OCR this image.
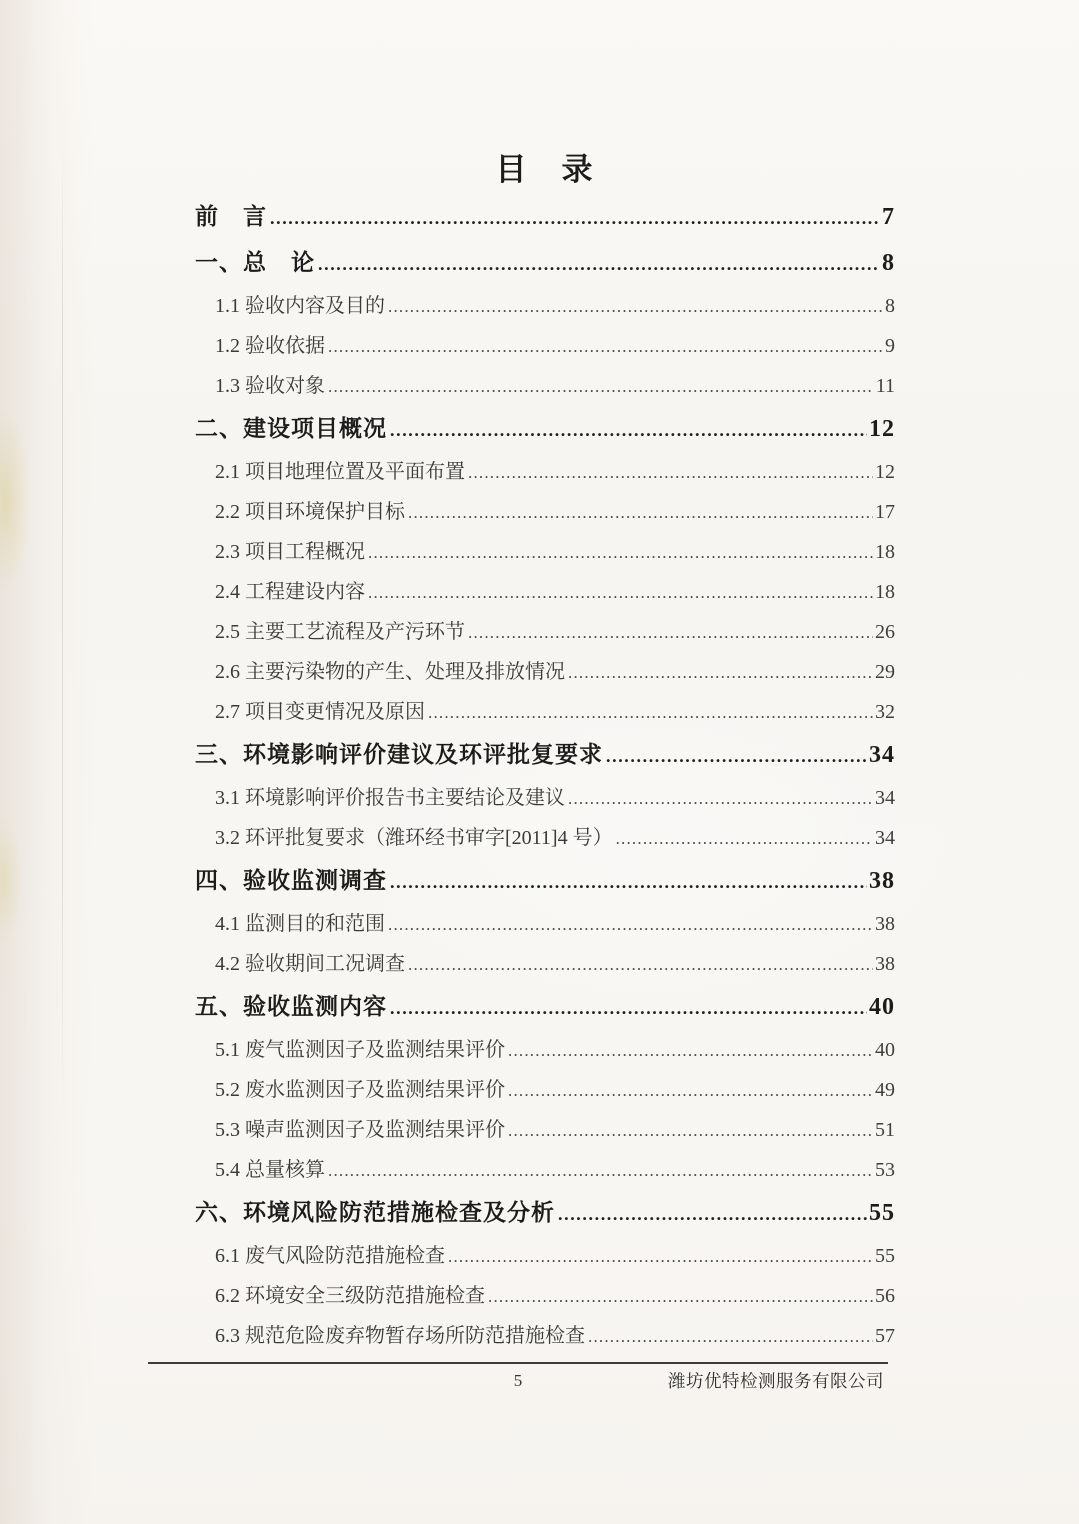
目　录
前　言 .....	7
一、总　论 .....	8
1.1 验收内容及目的 .....	8
1.2 验收依据 .....	9
1.3 验收对象 .....	11
二、建设项目概况 .....	12
2.1 项目地理位置及平面布置 .....	12
2.2 项目环境保护目标 .....	17
2.3 项目工程概况 .....	18
2.4 工程建设内容 .....	18
2.5 主要工艺流程及产污环节 .....	26
2.6 主要污染物的产生、处理及排放情况 .....	29
2.7 项目变更情况及原因 .....	32
三、环境影响评价建议及环评批复要求 .....	34
3.1 环境影响评价报告书主要结论及建议 .....	34
3.2 环评批复要求（潍环经书审字[2011]4 号） .....	34
四、验收监测调查 .....	38
4.1 监测目的和范围 .....	38
4.2 验收期间工况调查 .....	38
五、验收监测内容 .....	40
5.1 废气监测因子及监测结果评价 .....	40
5.2 废水监测因子及监测结果评价 .....	49
5.3 噪声监测因子及监测结果评价 .....	51
5.4 总量核算 .....	53
六、环境风险防范措施检查及分析 .....	55
6.1 废气风险防范措施检查 .....	55
6.2 环境安全三级防范措施检查 .....	56
6.3 规范危险废弃物暂存场所防范措施检查 .....	57
5	潍坊优特检测服务有限公司
